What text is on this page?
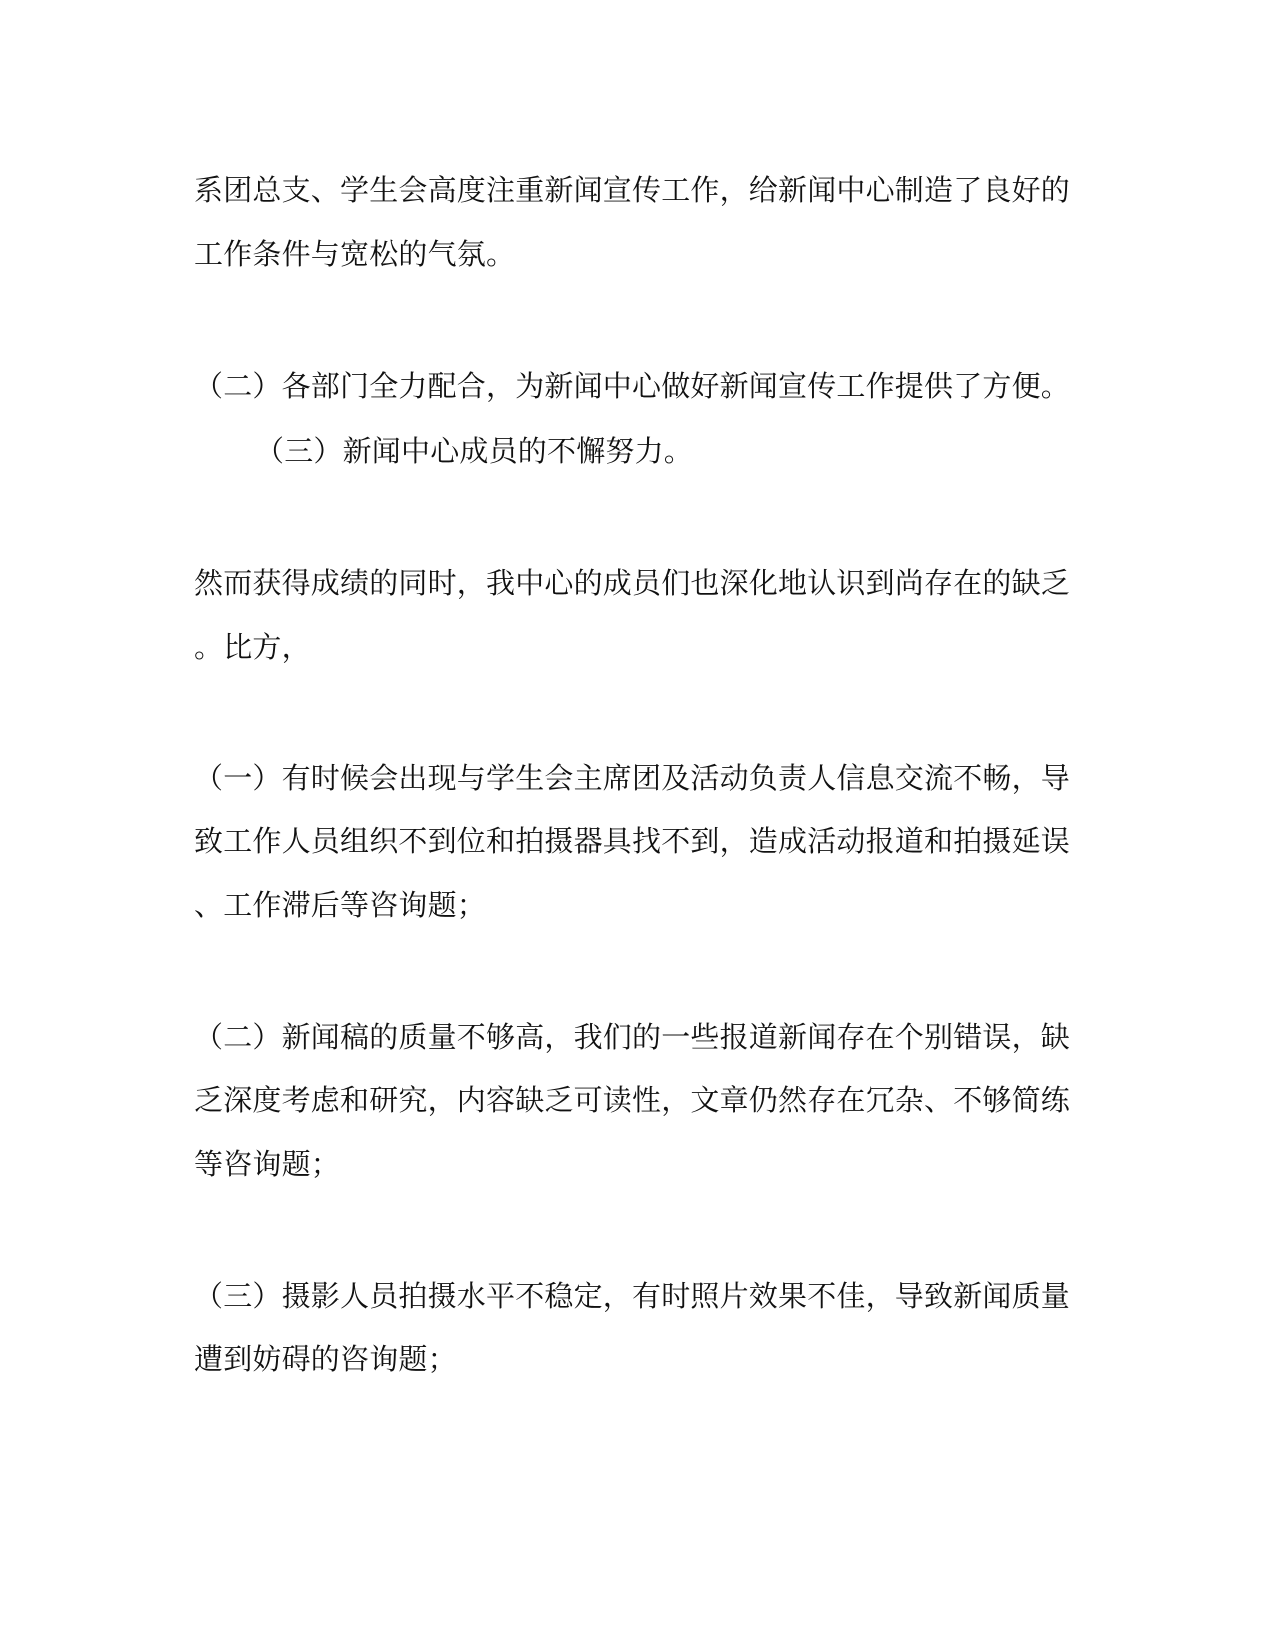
系团总支、学生会高度注重新闻宣传工作，给新闻中心制造了良好的
工作条件与宽松的气氛。
（二）各部门全力配合，为新闻中心做好新闻宣传工作提供了方便。
（三）新闻中心成员的不懈努力。
然而获得成绩的同时，我中心的成员们也深化地认识到尚存在的缺乏
。比方，
（一）有时候会出现与学生会主席团及活动负责人信息交流不畅，导
致工作人员组织不到位和拍摄器具找不到，造成活动报道和拍摄延误
、工作滞后等咨询题；
（二）新闻稿的质量不够高，我们的一些报道新闻存在个别错误，缺
乏深度考虑和研究，内容缺乏可读性，文章仍然存在冗杂、不够简练
等咨询题；
（三）摄影人员拍摄水平不稳定，有时照片效果不佳，导致新闻质量
遭到妨碍的咨询题；
